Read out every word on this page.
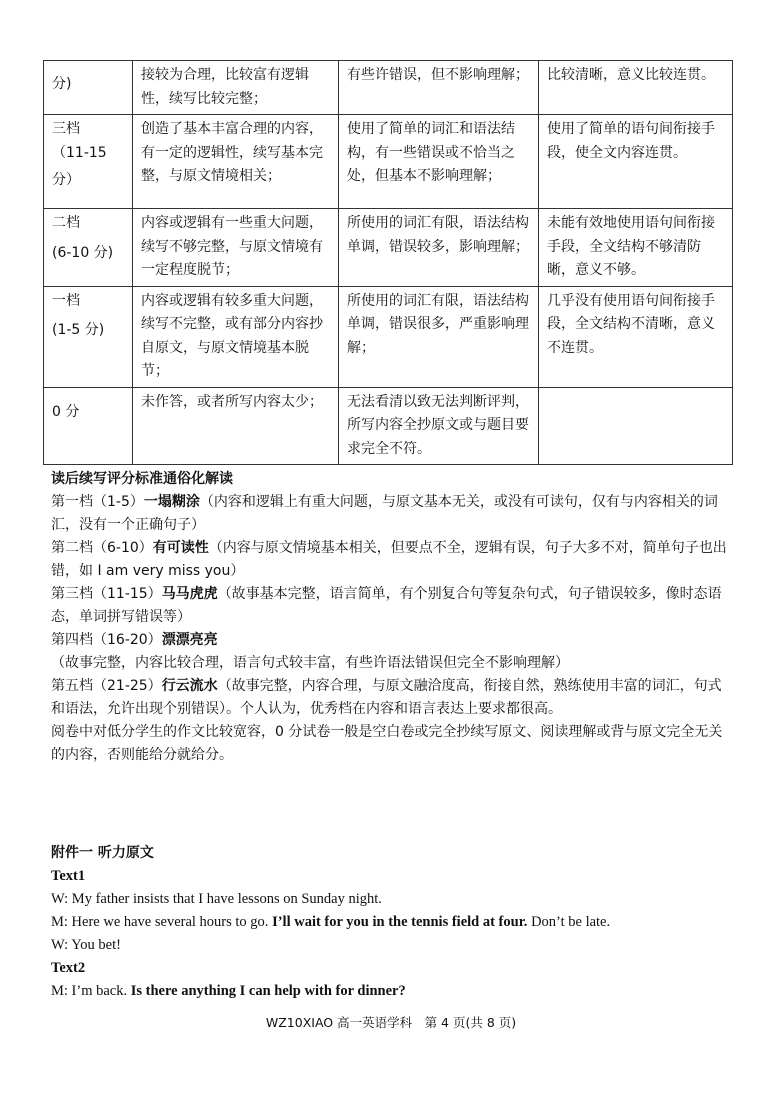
分)	接较为合理，比较富有逻辑性，续写比较完整；	有些许错误，但不影响理解；	比较清晰，意义比较连贯。

三档
（11-15
分）	创造了基本丰富合理的内容，有一定的逻辑性，续写基本完整，与原文情境相关；	使用了简单的词汇和语法结构，有一些错误或不恰当之处，但基本不影响理解；	使用了简单的语句间衔接手段，使全文内容连贯。

二档
(6-10 分)	内容或逻辑有一些重大问题，续写不够完整，与原文情境有一定程度脱节；	所使用的词汇有限，语法结构单调，错误较多，影响理解；	未能有效地使用语句间衔接手段，全文结构不够清防晰，意义不够。

一档
(1-5 分)	内容或逻辑有较多重大问题，续写不完整，或有部分内容抄自原文，与原文情境基本脱节；	所使用的词汇有限，语法结构单调，错误很多，严重影响理解；	几乎没有使用语句间衔接手段，全文结构不清晰，意义不连贯。

0 分	未作答，或者所写内容太少；	无法看清以致无法判断评判，所写内容全抄原文或与题目要求完全不符。	

读后续写评分标准通俗化解读

第一档（1-5）一塌糊涂（内容和逻辑上有重大问题，与原文基本无关，或没有可读句，仅有与内容相关的词汇，没有一个正确句子）

第二档（6-10）有可读性（内容与原文情境基本相关，但要点不全，逻辑有误，句子大多不对，简单句子也出错，如 I am very miss you）

第三档（11-15）马马虎虎（故事基本完整，语言简单，有个别复合句等复杂句式，句子错误较多，像时态语态，单词拼写错误等）

第四档（16-20）漂漂亮亮（故事完整，内容比较合理，语言句式较丰富，有些许语法错误但完全不影响理解）

第五档（21-25）行云流水（故事完整，内容合理，与原文融洽度高，衔接自然，熟练使用丰富的词汇，句式和语法，允许出现个别错误）。个人认为，优秀档在内容和语言表达上要求都很高。

阅卷中对低分学生的作文比较宽容，0 分试卷一般是空白卷或完全抄续写原文、阅读理解或背与原文完全无关的内容，否则能给分就给分。

附件一 听力原文

Text1

W: My father insists that I have lessons on Sunday night.

M: Here we have several hours to go. I’ll wait for you in the tennis field at four. Don’t be late.

W: You bet!

Text2

M: I’m back. Is there anything I can help with for dinner?

WZ10XIAO 高一英语学科　第 4 页(共 8 页)
